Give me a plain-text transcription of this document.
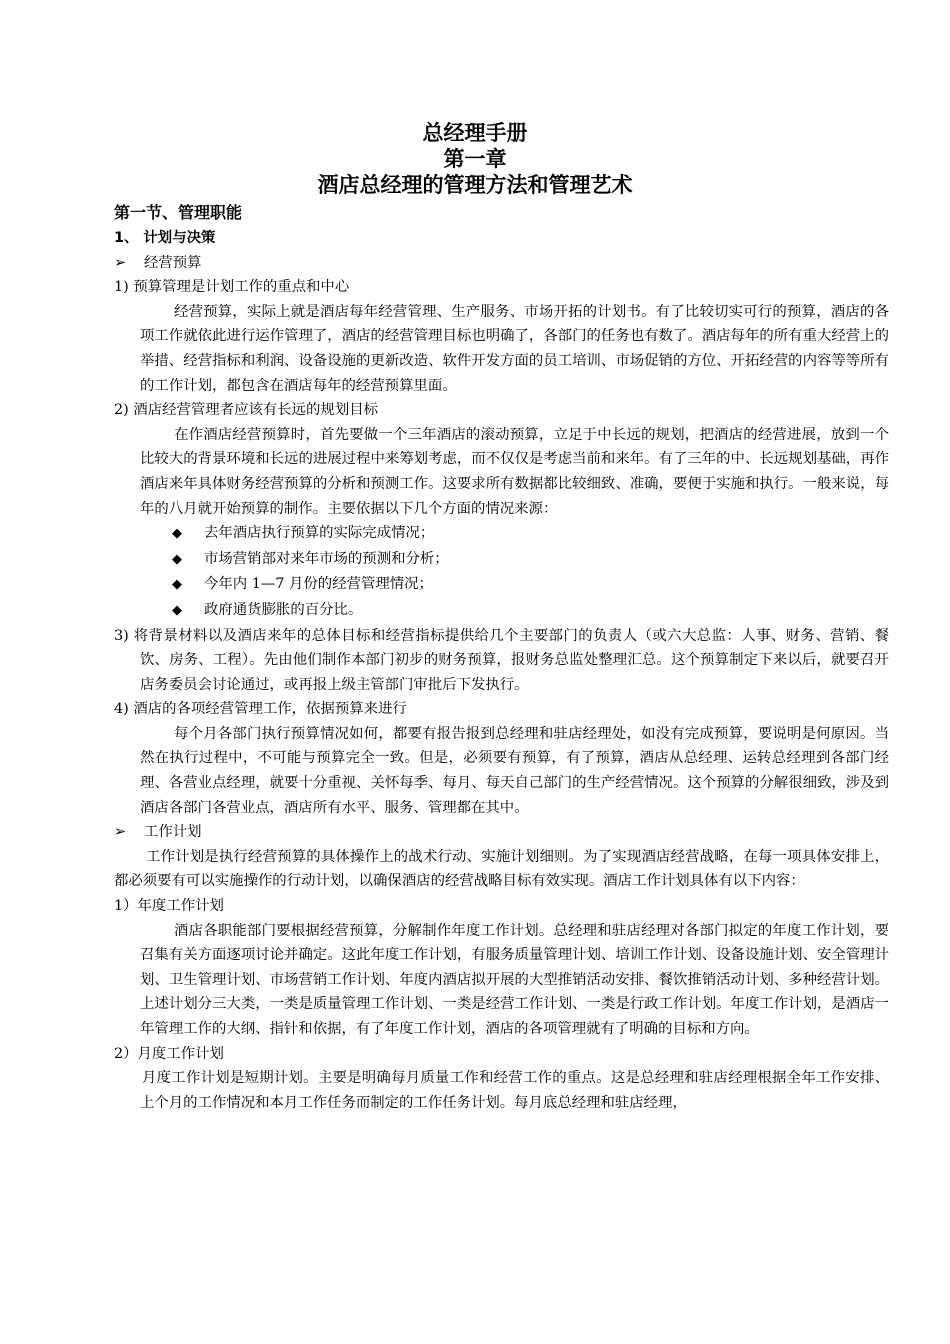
总经理手册
第一章
酒店总经理的管理方法和管理艺术

第一节、管理职能

1、 计划与决策

➢ 经营预算

1) 预算管理是计划工作的重点和中心

经营预算，实际上就是酒店每年经营管理、生产服务、市场开拓的计划书。有了比较切实可行的预算，酒店的各项工作就依此进行运作管理了，酒店的经营管理目标也明确了，各部门的任务也有数了。酒店每年的所有重大经营上的举措、经营指标和利润、设备设施的更新改造、软件开发方面的员工培训、市场促销的方位、开拓经营的内容等等所有的工作计划，都包含在酒店每年的经营预算里面。

2) 酒店经营管理者应该有长远的规划目标

在作酒店经营预算时，首先要做一个三年酒店的滚动预算，立足于中长远的规划，把酒店的经营进展，放到一个比较大的背景环境和长远的进展过程中来筹划考虑，而不仅仅是考虑当前和来年。有了三年的中、长远规划基础，再作酒店来年具体财务经营预算的分析和预测工作。这要求所有数据都比较细致、准确，要便于实施和执行。一般来说，每年的八月就开始预算的制作。主要依据以下几个方面的情况来源：

◆ 去年酒店执行预算的实际完成情况；

◆ 市场营销部对来年市场的预测和分析；

◆ 今年内 1—7 月份的经营管理情况；

◆ 政府通货膨胀的百分比。

3) 将背景材料以及酒店来年的总体目标和经营指标提供给几个主要部门的负责人（或六大总监：人事、财务、营销、餐饮、房务、工程）。先由他们制作本部门初步的财务预算，报财务总监处整理汇总。这个预算制定下来以后，就要召开店务委员会讨论通过，或再报上级主管部门审批后下发执行。

4) 酒店的各项经营管理工作，依据预算来进行

每个月各部门执行预算情况如何，都要有报告报到总经理和驻店经理处，如没有完成预算，要说明是何原因。当然在执行过程中，不可能与预算完全一致。但是，必须要有预算，有了预算，酒店从总经理、运转总经理到各部门经理、各营业点经理，就要十分重视、关怀每季、每月、每天自己部门的生产经营情况。这个预算的分解很细致，涉及到酒店各部门各营业点，酒店所有水平、服务、管理都在其中。

➢ 工作计划

工作计划是执行经营预算的具体操作上的战术行动、实施计划细则。为了实现酒店经营战略，在每一项具体安排上，都必须要有可以实施操作的行动计划，以确保酒店的经营战略目标有效实现。酒店工作计划具体有以下内容：

1）年度工作计划

酒店各职能部门要根据经营预算，分解制作年度工作计划。总经理和驻店经理对各部门拟定的年度工作计划，要召集有关方面逐项讨论并确定。这此年度工作计划，有服务质量管理计划、培训工作计划、设备设施计划、安全管理计划、卫生管理计划、市场营销工作计划、年度内酒店拟开展的大型推销活动安排、餐饮推销活动计划、多种经营计划。上述计划分三大类，一类是质量管理工作计划、一类是经营工作计划、一类是行政工作计划。年度工作计划，是酒店一年管理工作的大纲、指针和依据，有了年度工作计划，酒店的各项管理就有了明确的目标和方向。

2）月度工作计划

月度工作计划是短期计划。主要是明确每月质量工作和经营工作的重点。这是总经理和驻店经理根据全年工作安排、上个月的工作情况和本月工作任务而制定的工作任务计划。每月底总经理和驻店经理，
